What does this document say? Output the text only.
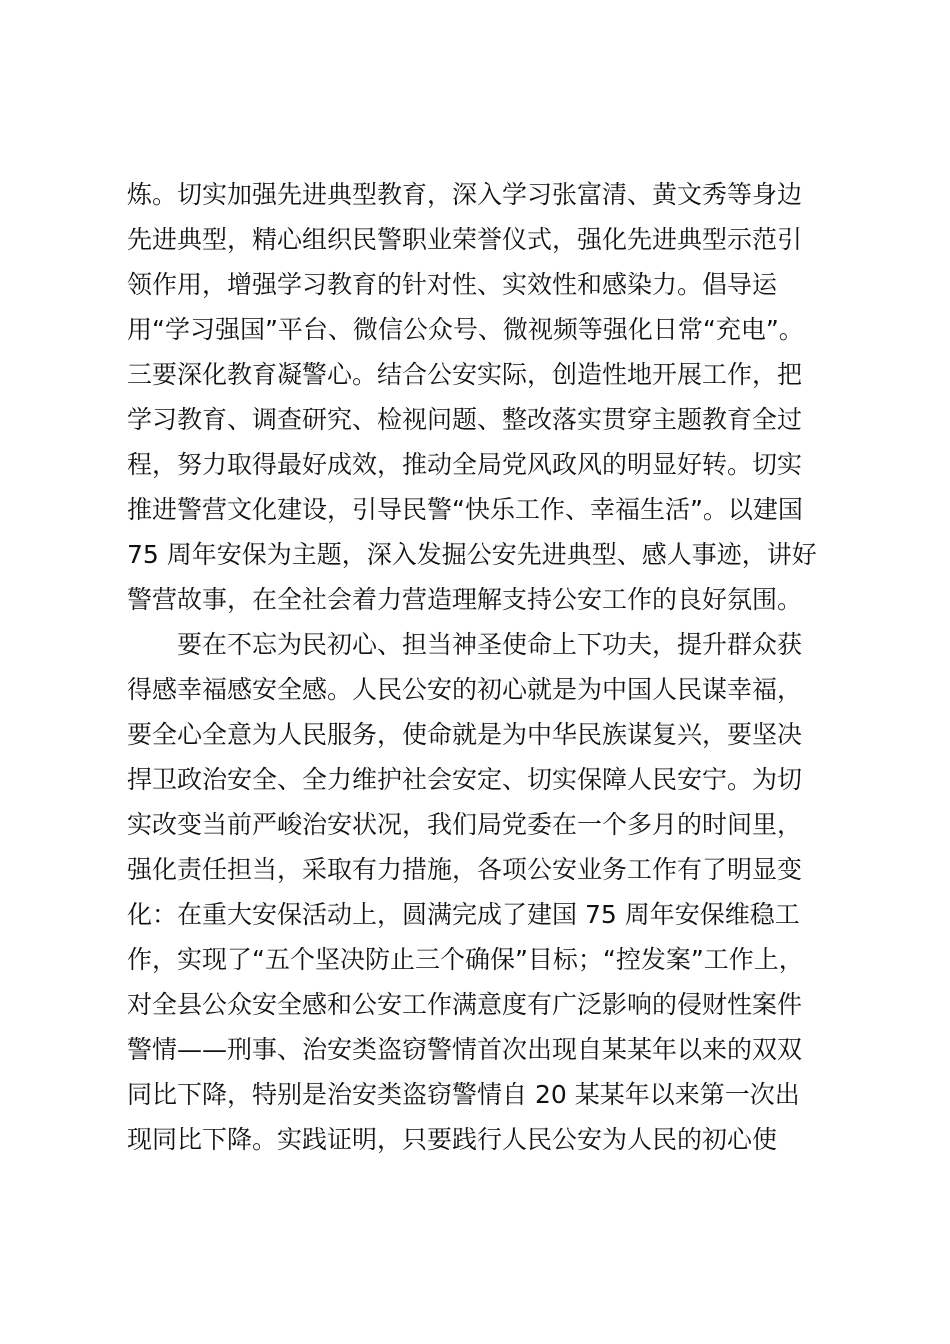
炼。切实加强先进典型教育，深入学习张富清、黄文秀等身边
先进典型，精心组织民警职业荣誉仪式，强化先进典型示范引
领作用，增强学习教育的针对性、实效性和感染力。倡导运
用“学习强国”平台、微信公众号、微视频等强化日常“充电”。
三要深化教育凝警心。结合公安实际，创造性地开展工作，把
学习教育、调查研究、检视问题、整改落实贯穿主题教育全过
程，努力取得最好成效，推动全局党风政风的明显好转。切实
推进警营文化建设，引导民警“快乐工作、幸福生活”。以建国
75 周年安保为主题，深入发掘公安先进典型、感人事迹，讲好
警营故事，在全社会着力营造理解支持公安工作的良好氛围。
　　要在不忘为民初心、担当神圣使命上下功夫，提升群众获
得感幸福感安全感。人民公安的初心就是为中国人民谋幸福，
要全心全意为人民服务，使命就是为中华民族谋复兴，要坚决
捍卫政治安全、全力维护社会安定、切实保障人民安宁。为切
实改变当前严峻治安状况，我们局党委在一个多月的时间里，
强化责任担当，采取有力措施，各项公安业务工作有了明显变
化：在重大安保活动上，圆满完成了建国 75 周年安保维稳工
作，实现了“五个坚决防止三个确保”目标；“控发案”工作上，
对全县公众安全感和公安工作满意度有广泛影响的侵财性案件
警情——刑事、治安类盗窃警情首次出现自某某年以来的双双
同比下降，特别是治安类盗窃警情自 20 某某年以来第一次出
现同比下降。实践证明，只要践行人民公安为人民的初心使
